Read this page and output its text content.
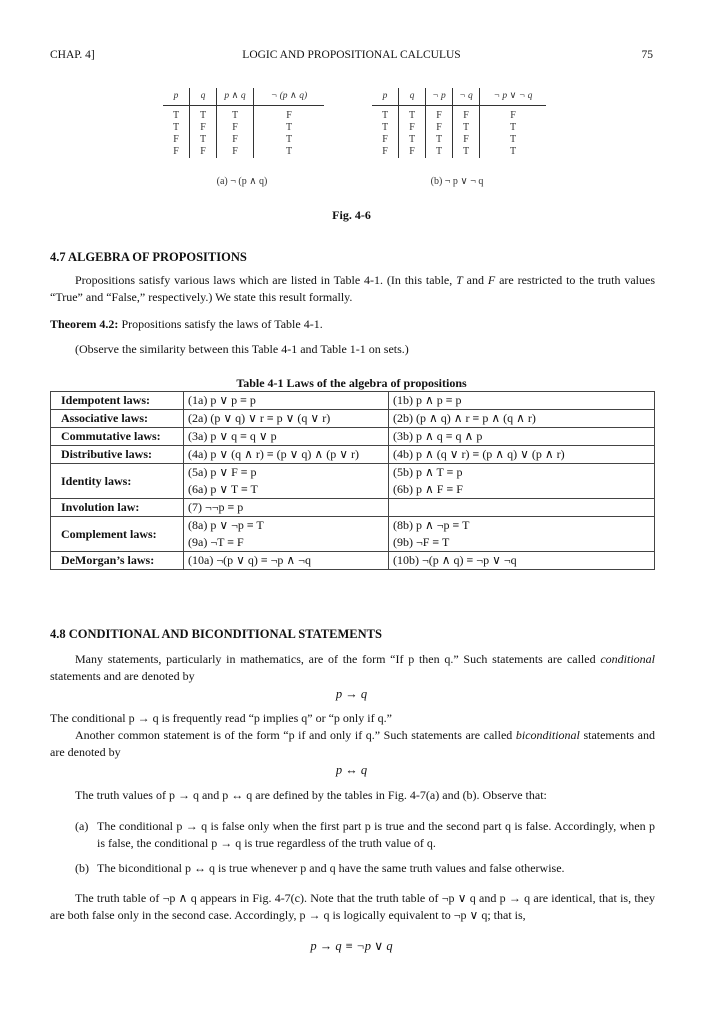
CHAP. 4]	LOGIC AND PROPOSITIONAL CALCULUS	75
p	q	p ∧ q	¬ (p ∧ q)
T	T	T	F
T	F	F	T
F	T	F	T
F	F	F	T
(a) ¬ (p ∧ q)
p	q	¬ p	¬ q	¬ p ∨ ¬ q
T	T	F	F	F
T	F	F	T	T
F	T	T	F	T
F	F	T	T	T
(b) ¬ p ∨ ¬ q
Fig. 4-6
4.7 ALGEBRA OF PROPOSITIONS
Propositions satisfy various laws which are listed in Table 4-1. (In this table, T and F are restricted to the truth values “True” and “False,” respectively.) We state this result formally.
Theorem 4.2: Propositions satisfy the laws of Table 4-1.
(Observe the similarity between this Table 4-1 and Table 1-1 on sets.)
Table 4-1 Laws of the algebra of propositions
Idempotent laws:	(1a) p ∨ p ≡ p	(1b) p ∧ p ≡ p
Associative laws:	(2a) (p ∨ q) ∨ r ≡ p ∨ (q ∨ r)	(2b) (p ∧ q) ∧ r ≡ p ∧ (q ∧ r)
Commutative laws:	(3a) p ∨ q ≡ q ∨ p	(3b) p ∧ q ≡ q ∧ p
Distributive laws:	(4a) p ∨ (q ∧ r) ≡ (p ∨ q) ∧ (p ∨ r)	(4b) p ∧ (q ∨ r) ≡ (p ∧ q) ∨ (p ∧ r)
Identity laws:	(5a) p ∨ F ≡ p	(5b) p ∧ T ≡ p
	(6a) p ∨ T ≡ T	(6b) p ∧ F ≡ F
Involution law:	(7) ¬¬p ≡ p	
Complement laws:	(8a) p ∨ ¬p ≡ T	(8b) p ∧ ¬p ≡ T
	(9a) ¬T ≡ F	(9b) ¬F ≡ T
DeMorgan’s laws:	(10a) ¬(p ∨ q) ≡ ¬p ∧ ¬q	(10b) ¬(p ∧ q) ≡ ¬p ∨ ¬q
4.8 CONDITIONAL AND BICONDITIONAL STATEMENTS
Many statements, particularly in mathematics, are of the form “If p then q.” Such statements are called conditional statements and are denoted by
p → q
The conditional p → q is frequently read “p implies q” or “p only if q.”
Another common statement is of the form “p if and only if q.” Such statements are called biconditional statements and are denoted by
p ↔ q
The truth values of p → q and p ↔ q are defined by the tables in Fig. 4-7(a) and (b). Observe that:
(a) The conditional p → q is false only when the first part p is true and the second part q is false. Accordingly, when p is false, the conditional p → q is true regardless of the truth value of q.
(b) The biconditional p ↔ q is true whenever p and q have the same truth values and false otherwise.
The truth table of ¬p ∧ q appears in Fig. 4-7(c). Note that the truth table of ¬p ∨ q and p → q are identical, that is, they are both false only in the second case. Accordingly, p → q is logically equivalent to ¬p ∨ q; that is,
p → q ≡ ¬p ∨ q
